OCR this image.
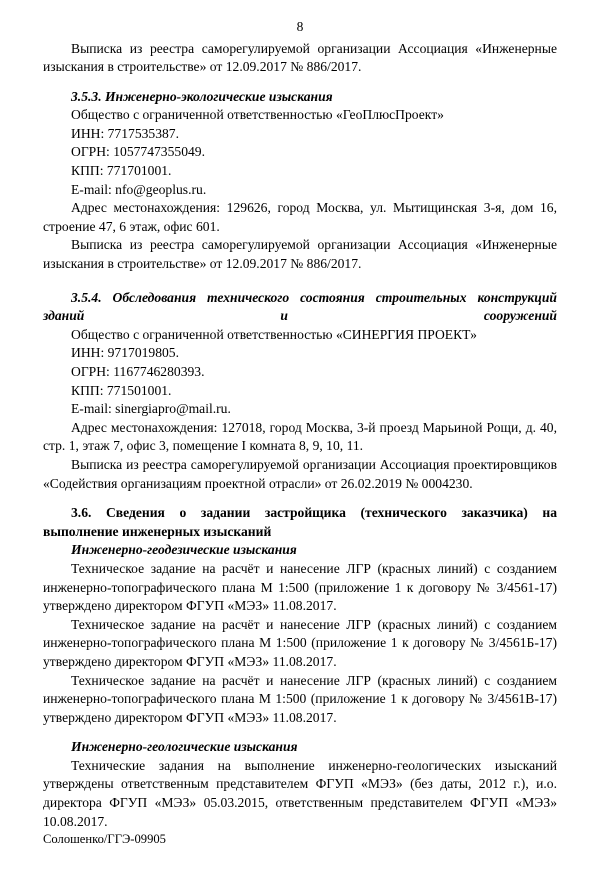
8

Выписка из реестра саморегулируемой организации Ассоциация «Инженерные изыскания в строительстве» от 12.09.2017 № 886/2017.

3.5.3. Инженерно-экологические изыскания

Общество с ограниченной ответственностью «ГеоПлюсПроект»

ИНН: 7717535387.

ОГРН: 1057747355049.

КПП: 771701001.

E-mail: nfo@geoplus.ru.

Адрес местонахождения: 129626, город Москва, ул. Мытищинская 3-я, дом 16, строение 47, 6 этаж, офис 601.

Выписка из реестра саморегулируемой организации Ассоциация «Инженерные изыскания в строительстве» от 12.09.2017 № 886/2017.

3.5.4. Обследования технического состояния строительных конструкций зданий и сооружений

Общество с ограниченной ответственностью «СИНЕРГИЯ ПРОЕКТ»

ИНН: 9717019805.

ОГРН: 1167746280393.

КПП: 771501001.

E-mail: sinergiapro@mail.ru.

Адрес местонахождения: 127018, город Москва, 3-й проезд Марьиной Рощи, д. 40, стр. 1, этаж 7, офис 3, помещение I комната 8, 9, 10, 11.

Выписка из реестра саморегулируемой организации Ассоциация проектировщиков «Содействия организациям проектной отрасли» от 26.02.2019 № 0004230.

3.6. Сведения о задании застройщика (технического заказчика) на выполнение инженерных изысканий

Инженерно-геодезические изыскания

Техническое задание на расчёт и нанесение ЛГР (красных линий) с созданием инженерно-топографического плана М 1:500 (приложение 1 к договору № 3/4561-17) утверждено директором ФГУП «МЭЗ» 11.08.2017.

Техническое задание на расчёт и нанесение ЛГР (красных линий) с созданием инженерно-топографического плана М 1:500 (приложение 1 к договору № 3/4561Б-17) утверждено директором ФГУП «МЭЗ» 11.08.2017.

Техническое задание на расчёт и нанесение ЛГР (красных линий) с созданием инженерно-топографического плана М 1:500 (приложение 1 к договору № 3/4561В-17) утверждено директором ФГУП «МЭЗ» 11.08.2017.

Инженерно-геологические изыскания

Технические задания на выполнение инженерно-геологических изысканий утверждены ответственным представителем ФГУП «МЭЗ» (без даты, 2012 г.), и.о. директора ФГУП «МЭЗ» 05.03.2015, ответственным представителем ФГУП «МЭЗ» 10.08.2017.

Солошенко/ГГЭ-09905
